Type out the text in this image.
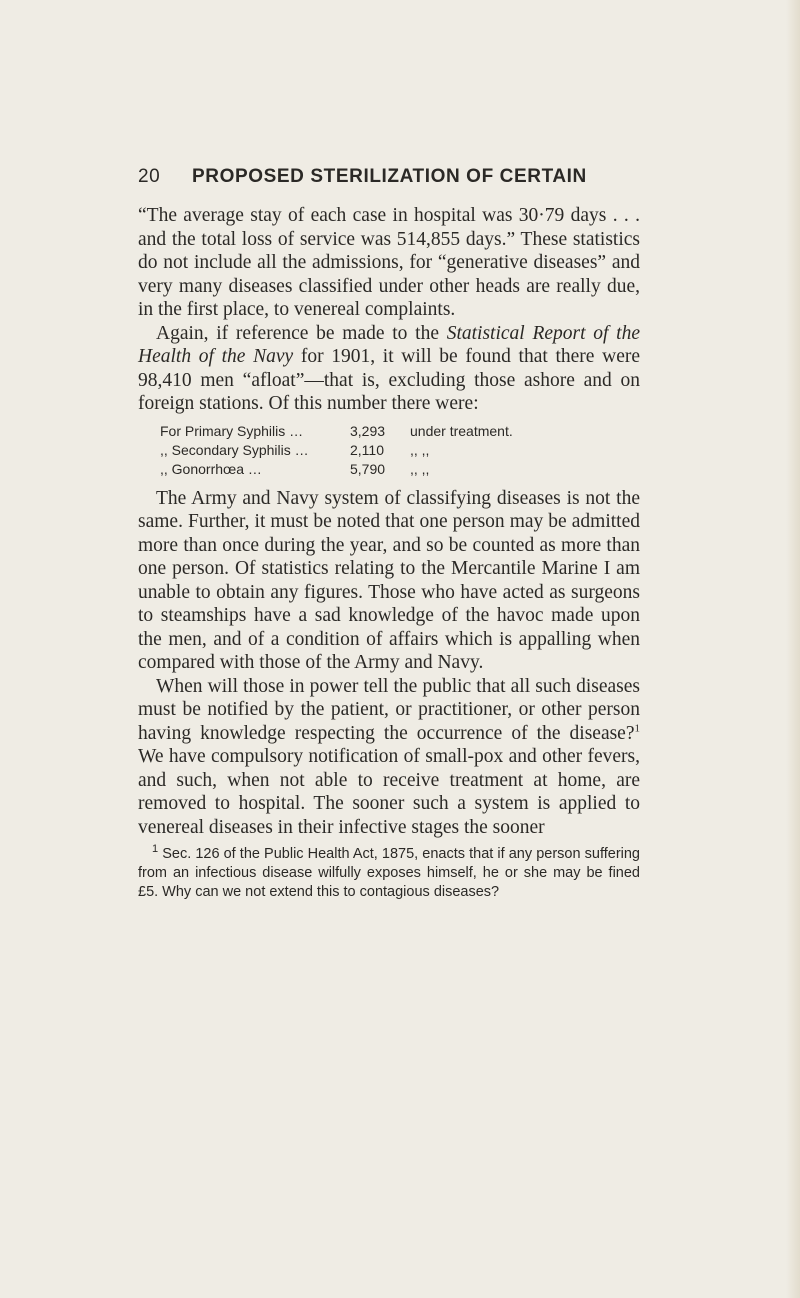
20 PROPOSED STERILIZATION OF CERTAIN

“The average stay of each case in hospital was 30·79 days . . . and the total loss of service was 514,855 days.” These statistics do not include all the admissions, for “generative diseases” and very many diseases classified under other heads are really due, in the first place, to venereal complaints.

Again, if reference be made to the Statistical Report of the Health of the Navy for 1901, it will be found that there were 98,410 men “afloat”—that is, excluding those ashore and on foreign stations. Of this number there were:

For Primary Syphilis …	3,293	under treatment.
,, Secondary Syphilis …	2,110	,, ,,
,, Gonorrhœa …	5,790	,, ,,

The Army and Navy system of classifying diseases is not the same. Further, it must be noted that one person may be admitted more than once during the year, and so be counted as more than one person. Of statistics relating to the Mercantile Marine I am unable to obtain any figures. Those who have acted as surgeons to steamships have a sad knowledge of the havoc made upon the men, and of a condition of affairs which is appalling when compared with those of the Army and Navy.

When will those in power tell the public that all such diseases must be notified by the patient, or practitioner, or other person having knowledge respecting the occurrence of the disease?$^1$ We have compulsory notification of small-pox and other fevers, and such, when not able to receive treatment at home, are removed to hospital. The sooner such a system is applied to venereal diseases in their infective stages the sooner

$^1$ Sec. 126 of the Public Health Act, 1875, enacts that if any person suffering from an infectious disease wilfully exposes himself, he or she may be fined £5. Why can we not extend this to contagious diseases?
